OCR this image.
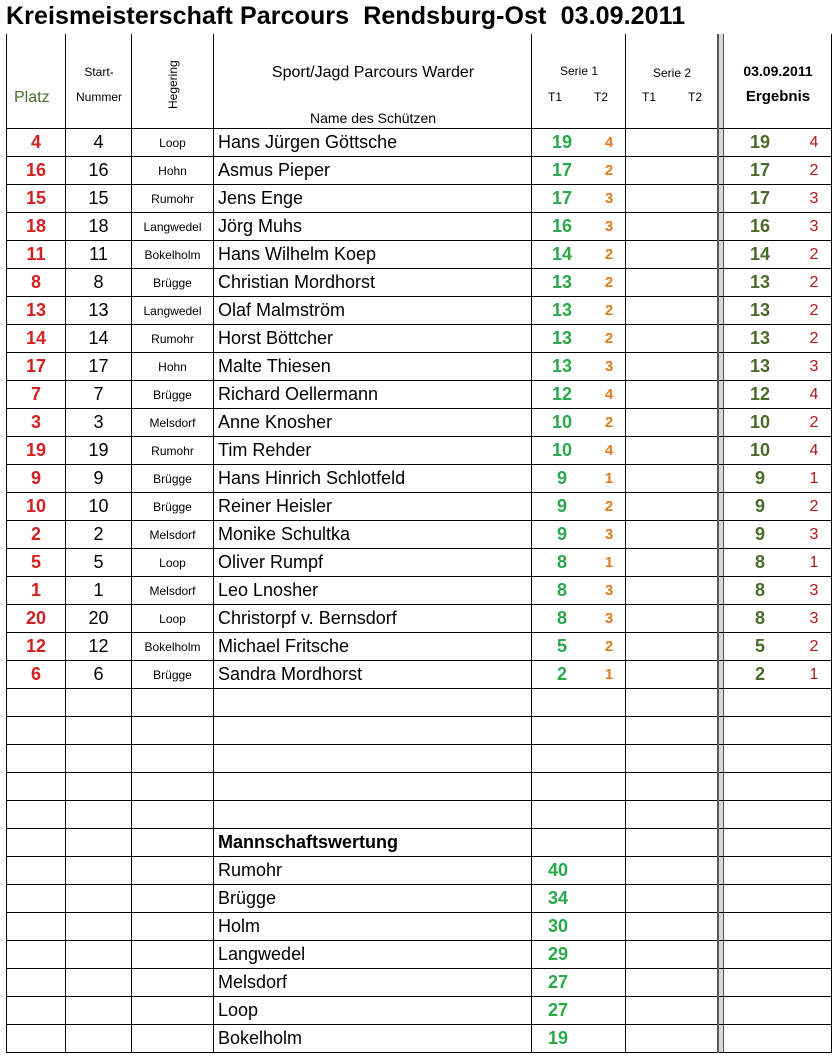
Kreismeisterschaft Parcours  Rendsburg-Ost  03.09.2011
Platz	Start-
Nummer	Hegering	Sport/Jagd Parcours Warder
Name des Schützen	Serie 1
T1 T2	Serie 2
T1 T2		03.09.2011
Ergebnis

4	4	Loop	Hans Jürgen Göttsche	19 4			19 4

16	16	Hohn	Asmus Pieper	17 2			17 2

15	15	Rumohr	Jens Enge	17 3			17 3

18	18	Langwedel	Jörg Muhs	16 3			16 3

11	11	Bokelholm	Hans Wilhelm Koep	14 2			14 2

8	8	Brügge	Christian Mordhorst	13 2			13 2

13	13	Langwedel	Olaf Malmström	13 2			13 2

14	14	Rumohr	Horst Böttcher	13 2			13 2

17	17	Hohn	Malte Thiesen	13 3			13 3

7	7	Brügge	Richard Oellermann	12 4			12 4

3	3	Melsdorf	Anne Knosher	10 2			10 2

19	19	Rumohr	Tim Rehder	10 4			10 4

9	9	Brügge	Hans Hinrich Schlotfeld	9 1			9 1

10	10	Brügge	Reiner Heisler	9 2			9 2

2	2	Melsdorf	Monike Schultka	9 3			9 3

5	5	Loop	Oliver Rumpf	8 1			8 1

1	1	Melsdorf	Leo Lnosher	8 3			8 3

20	20	Loop	Christorpf v. Bernsdorf	8 3			8 3

12	12	Bokelholm	Michael Fritsche	5 2			5 2

6	6	Brügge	Sandra Mordhorst	2 1			2 1

			Mannschaftswertung				
			Rumohr	40			
			Brügge	34			
			Holm	30			
			Langwedel	29			
			Melsdorf	27			
			Loop	27			
			Bokelholm	19			
